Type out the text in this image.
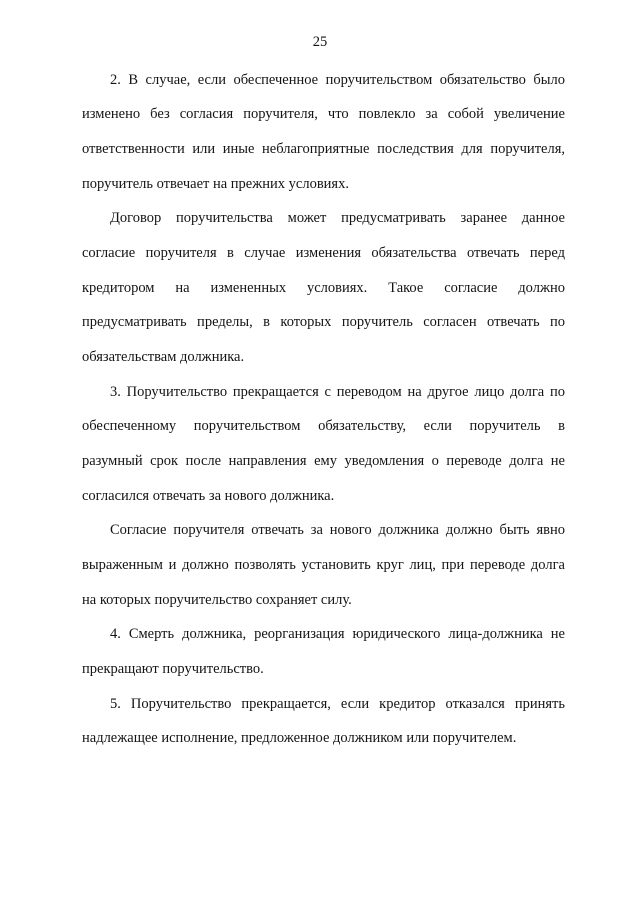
25
2. В случае, если обеспеченное поручительством обязательство было
изменено без согласия поручителя, что повлекло за собой увеличение
ответственности или иные неблагоприятные последствия для поручителя,
поручитель отвечает на прежних условиях.
Договор поручительства может предусматривать заранее данное
согласие поручителя в случае изменения обязательства отвечать перед
кредитором на измененных условиях. Такое согласие должно
предусматривать пределы, в которых поручитель согласен отвечать по
обязательствам должника.
3. Поручительство прекращается с переводом на другое лицо долга по
обеспеченному поручительством обязательству, если поручитель в
разумный срок после направления ему уведомления о переводе долга не
согласился отвечать за нового должника.
Согласие поручителя отвечать за нового должника должно быть явно
выраженным и должно позволять установить круг лиц, при переводе долга
на которых поручительство сохраняет силу.
4. Смерть должника, реорганизация юридического лица-должника не
прекращают поручительство.
5. Поручительство прекращается, если кредитор отказался принять
надлежащее исполнение, предложенное должником или поручителем.
